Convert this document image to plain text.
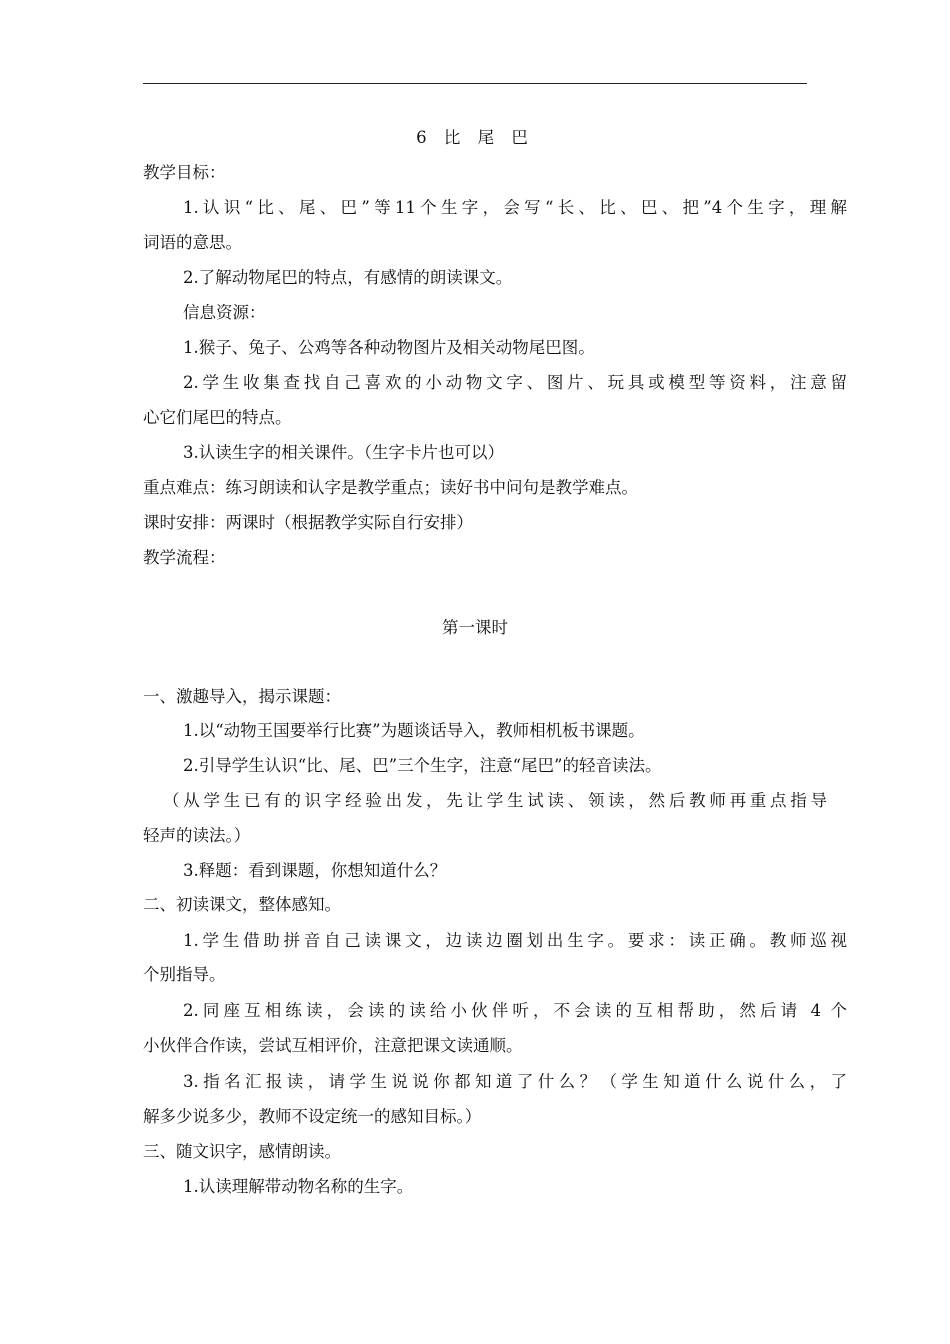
6 比 尾 巴
教学目标：
1.认识“比、尾、巴”等11个生字，会写“长、比、巴、把”4个生字，理解
词语的意思。
2.了解动物尾巴的特点，有感情的朗读课文。
信息资源：
1.猴子、兔子、公鸡等各种动物图片及相关动物尾巴图。
2.学生收集查找自己喜欢的小动物文字、图片、玩具或模型等资料，注意留
心它们尾巴的特点。
3.认读生字的相关课件。（生字卡片也可以）
重点难点：练习朗读和认字是教学重点；读好书中问句是教学难点。
课时安排：两课时（根据教学实际自行安排）
教学流程：
第一课时
一、激趣导入，揭示课题：
1.以“动物王国要举行比赛”为题谈话导入，教师相机板书课题。
2.引导学生认识“比、尾、巴”三个生字，注意“尾巴”的轻音读法。
（从学生已有的识字经验出发，先让学生试读、领读，然后教师再重点指导
轻声的读法。）
3.释题：看到课题，你想知道什么？
二、初读课文，整体感知。
1.学生借助拼音自己读课文，边读边圈划出生字。要求：读正确。教师巡视
个别指导。
2.同座互相练读，会读的读给小伙伴听，不会读的互相帮助，然后请 4 个
小伙伴合作读，尝试互相评价，注意把课文读通顺。
3.指名汇报读，请学生说说你都知道了什么？（学生知道什么说什么，了
解多少说多少，教师不设定统一的感知目标。）
三、随文识字，感情朗读。
1.认读理解带动物名称的生字。
